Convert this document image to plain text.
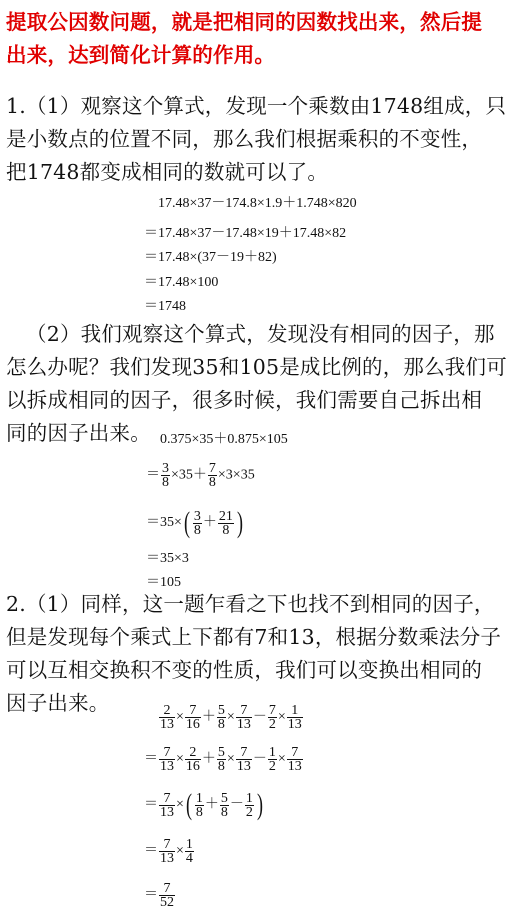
提取公因数问题，就是把相同的因数找出来，然后提
出来，达到简化计算的作用。

1.（1）观察这个算式，发现一个乘数由1748组成，只
是小数点的位置不同，那么我们根据乘积的不变性，
把1748都变成相同的数就可以了。

17.48×37－174.8×1.9＋1.748×820
＝17.48×37－17.48×19＋17.48×82
＝17.48×(37－19＋82)
＝17.48×100
＝1748

（2）我们观察这个算式，发现没有相同的因子，那
怎么办呢？我们发现35和105是成比例的，那么我们可
以拆成相同的因子，很多时候，我们需要自己拆出相
同的因子出来。 0.375×35＋0.875×105
＝ $\frac{3}{8} \times 35+ \frac{7}{8} \times 3\times 35$
$=35\times( \frac{3}{8} + \frac{21}{8}$ )
＝35×3
＝105

2.（1）同样，这一题乍看之下也找不到相同的因子，
但是发现每个乘式上下都有7和13，根据分数乘法分子
可以互相交换积不变的性质，我们可以变换出相同的
因子出来。

$\frac{2}{13} \times \frac{7}{16} + \frac{5}{8} \times \frac{7}{13} - \frac{7}{2} \times \frac{1}{13}$
＝ $\frac{7}{13} \times \frac{2}{16} + \frac{5}{8} \times \frac{7}{13} - \frac{1}{2} \times \frac{7}{13}$
＝ $\frac{7}{13}$ ×( $\frac{1}{8} + \frac{5}{8} - \frac{1}{2}$ )
＝ $\frac{7}{13} \times \frac{1}{4}$
＝ $\frac{7}{52}$
